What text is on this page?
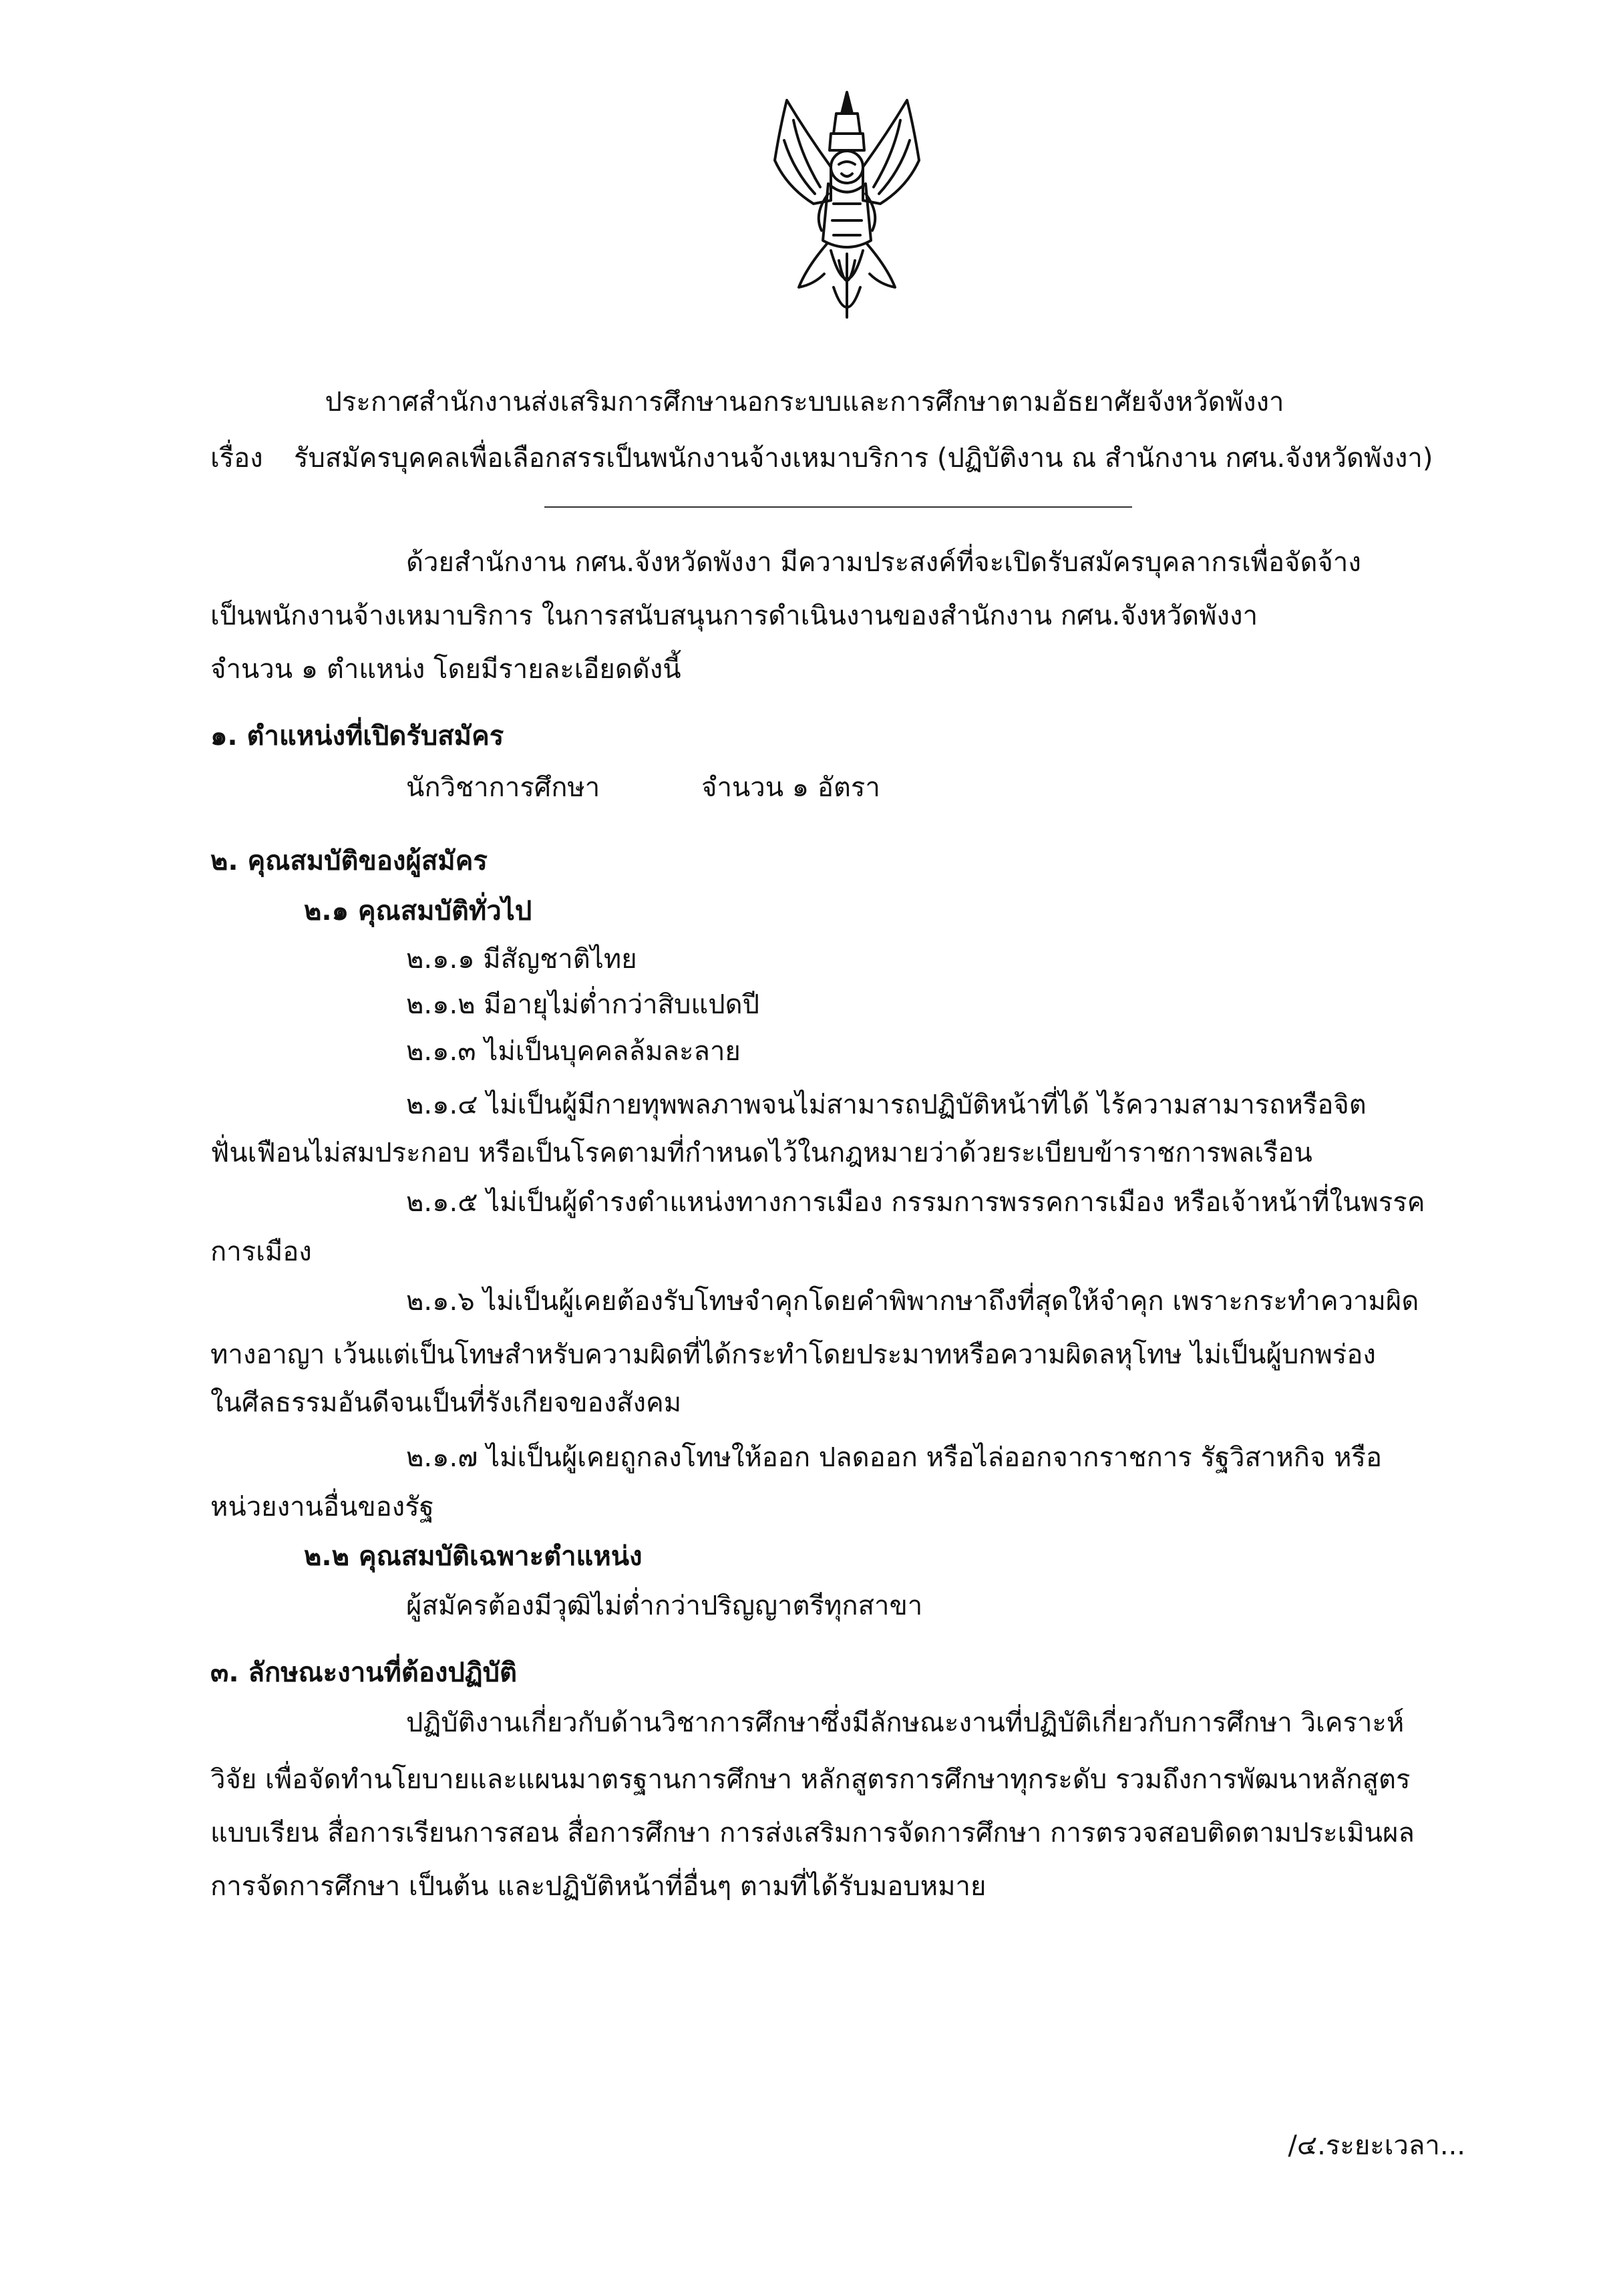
ประกาศสำนักงานส่งเสริมการศึกษานอกระบบและการศึกษาตามอัธยาศัยจังหวัดพังงา
เรื่อง รับสมัครบุคคลเพื่อเลือกสรรเป็นพนักงานจ้างเหมาบริการ (ปฏิบัติงาน ณ สำนักงาน กศน.จังหวัดพังงา)
ด้วยสำนักงาน กศน.จังหวัดพังงา มีความประสงค์ที่จะเปิดรับสมัครบุคลากรเพื่อจัดจ้าง
เป็นพนักงานจ้างเหมาบริการ ในการสนับสนุนการดำเนินงานของสำนักงาน กศน.จังหวัดพังงา
จำนวน ๑ ตำแหน่ง โดยมีรายละเอียดดังนี้
๑. ตำแหน่งที่เปิดรับสมัคร
นักวิชาการศึกษา	จำนวน ๑ อัตรา
๒. คุณสมบัติของผู้สมัคร
๒.๑ คุณสมบัติทั่วไป
๒.๑.๑ มีสัญชาติไทย
๒.๑.๒ มีอายุไม่ต่ำกว่าสิบแปดปี
๒.๑.๓ ไม่เป็นบุคคลล้มละลาย
๒.๑.๔ ไม่เป็นผู้มีกายทุพพลภาพจนไม่สามารถปฏิบัติหน้าที่ได้ ไร้ความสามารถหรือจิต
ฟั่นเฟือนไม่สมประกอบ หรือเป็นโรคตามที่กำหนดไว้ในกฎหมายว่าด้วยระเบียบข้าราชการพลเรือน
๒.๑.๕ ไม่เป็นผู้ดำรงตำแหน่งทางการเมือง กรรมการพรรคการเมือง หรือเจ้าหน้าที่ในพรรค
การเมือง
๒.๑.๖ ไม่เป็นผู้เคยต้องรับโทษจำคุกโดยคำพิพากษาถึงที่สุดให้จำคุก เพราะกระทำความผิด
ทางอาญา เว้นแต่เป็นโทษสำหรับความผิดที่ได้กระทำโดยประมาทหรือความผิดลหุโทษ ไม่เป็นผู้บกพร่อง
ในศีลธรรมอันดีจนเป็นที่รังเกียจของสังคม
๒.๑.๗ ไม่เป็นผู้เคยถูกลงโทษให้ออก ปลดออก หรือไล่ออกจากราชการ รัฐวิสาหกิจ หรือ
หน่วยงานอื่นของรัฐ
๒.๒ คุณสมบัติเฉพาะตำแหน่ง
ผู้สมัครต้องมีวุฒิไม่ต่ำกว่าปริญญาตรีทุกสาขา
๓. ลักษณะงานที่ต้องปฏิบัติ
ปฏิบัติงานเกี่ยวกับด้านวิชาการศึกษาซึ่งมีลักษณะงานที่ปฏิบัติเกี่ยวกับการศึกษา วิเคราะห์
วิจัย เพื่อจัดทำนโยบายและแผนมาตรฐานการศึกษา หลักสูตรการศึกษาทุกระดับ รวมถึงการพัฒนาหลักสูตร
แบบเรียน สื่อการเรียนการสอน สื่อการศึกษา การส่งเสริมการจัดการศึกษา การตรวจสอบติดตามประเมินผล
การจัดการศึกษา เป็นต้น และปฏิบัติหน้าที่อื่นๆ ตามที่ได้รับมอบหมาย
/๔.ระยะเวลา...
